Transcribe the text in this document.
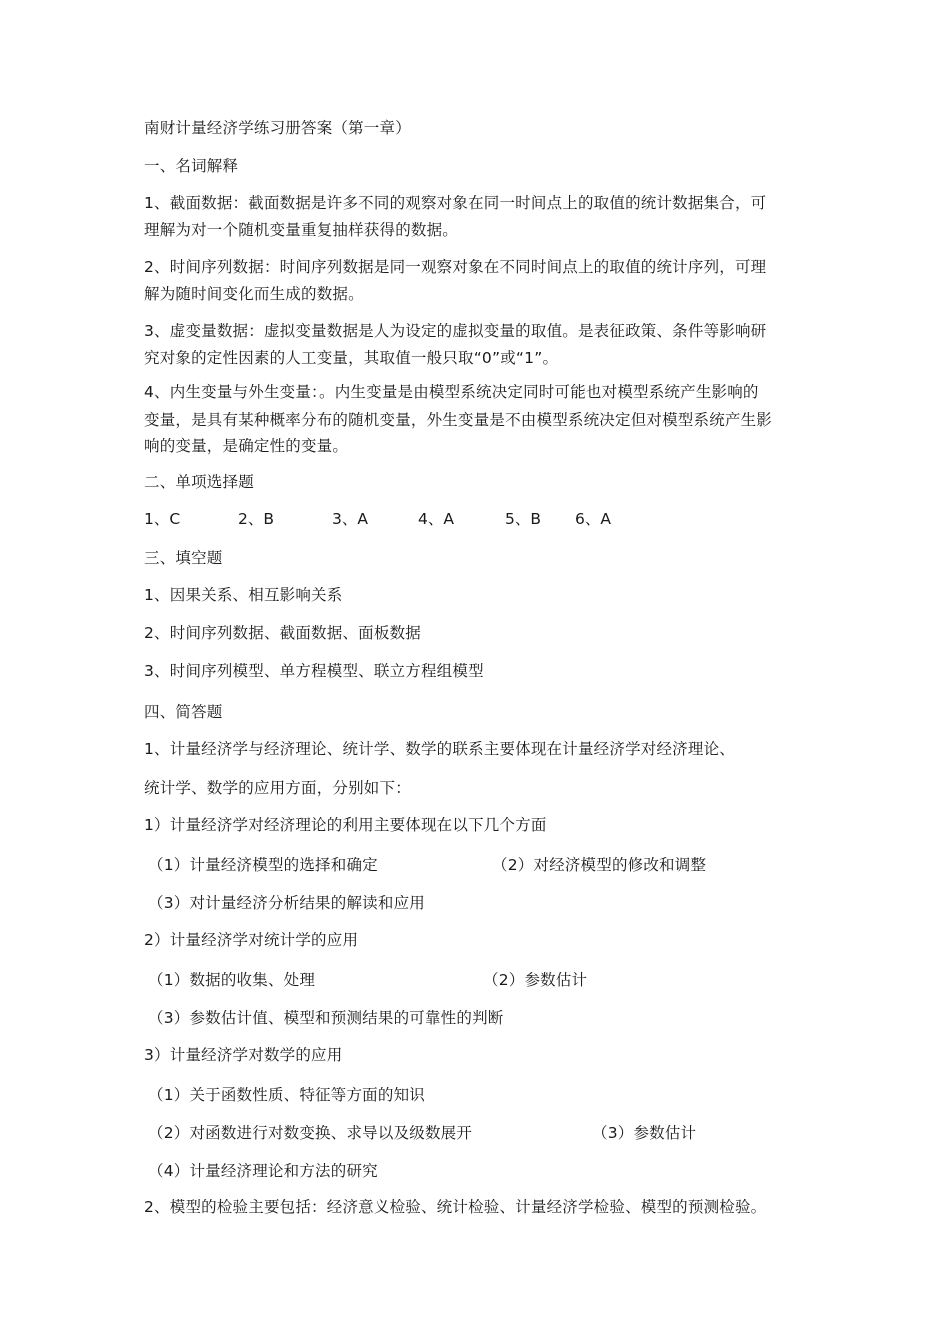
南财计量经济学练习册答案（第一章）
一、名词解释
1、截面数据：截面数据是许多不同的观察对象在同一时间点上的取值的统计数据集合，可
理解为对一个随机变量重复抽样获得的数据。
2、时间序列数据：时间序列数据是同一观察对象在不同时间点上的取值的统计序列，可理
解为随时间变化而生成的数据。
3、虚变量数据：虚拟变量数据是人为设定的虚拟变量的取值。是表征政策、条件等影响研
究对象的定性因素的人工变量，其取值一般只取“0”或“1”。
4、内生变量与外生变量：。内生变量是由模型系统决定同时可能也对模型系统产生影响的
变量，是具有某种概率分布的随机变量，外生变量是不由模型系统决定但对模型系统产生影
响的变量，是确定性的变量。
二、单项选择题
1、C	2、B	3、A	4、A	5、B 6、A
三、填空题
1、因果关系、相互影响关系
2、时间序列数据、截面数据、面板数据
3、时间序列模型、单方程模型、联立方程组模型
四、简答题
1、计量经济学与经济理论、统计学、数学的联系主要体现在计量经济学对经济理论、
统计学、数学的应用方面，分别如下：
1）计量经济学对经济理论的利用主要体现在以下几个方面
（1）计量经济模型的选择和确定	（2）对经济模型的修改和调整
（3）对计量经济分析结果的解读和应用
2）计量经济学对统计学的应用
（1）数据的收集、处理	（2）参数估计
（3）参数估计值、模型和预测结果的可靠性的判断
3）计量经济学对数学的应用
（1）关于函数性质、特征等方面的知识
（2）对函数进行对数变换、求导以及级数展开	（3）参数估计
（4）计量经济理论和方法的研究
2、模型的检验主要包括：经济意义检验、统计检验、计量经济学检验、模型的预测检验。
